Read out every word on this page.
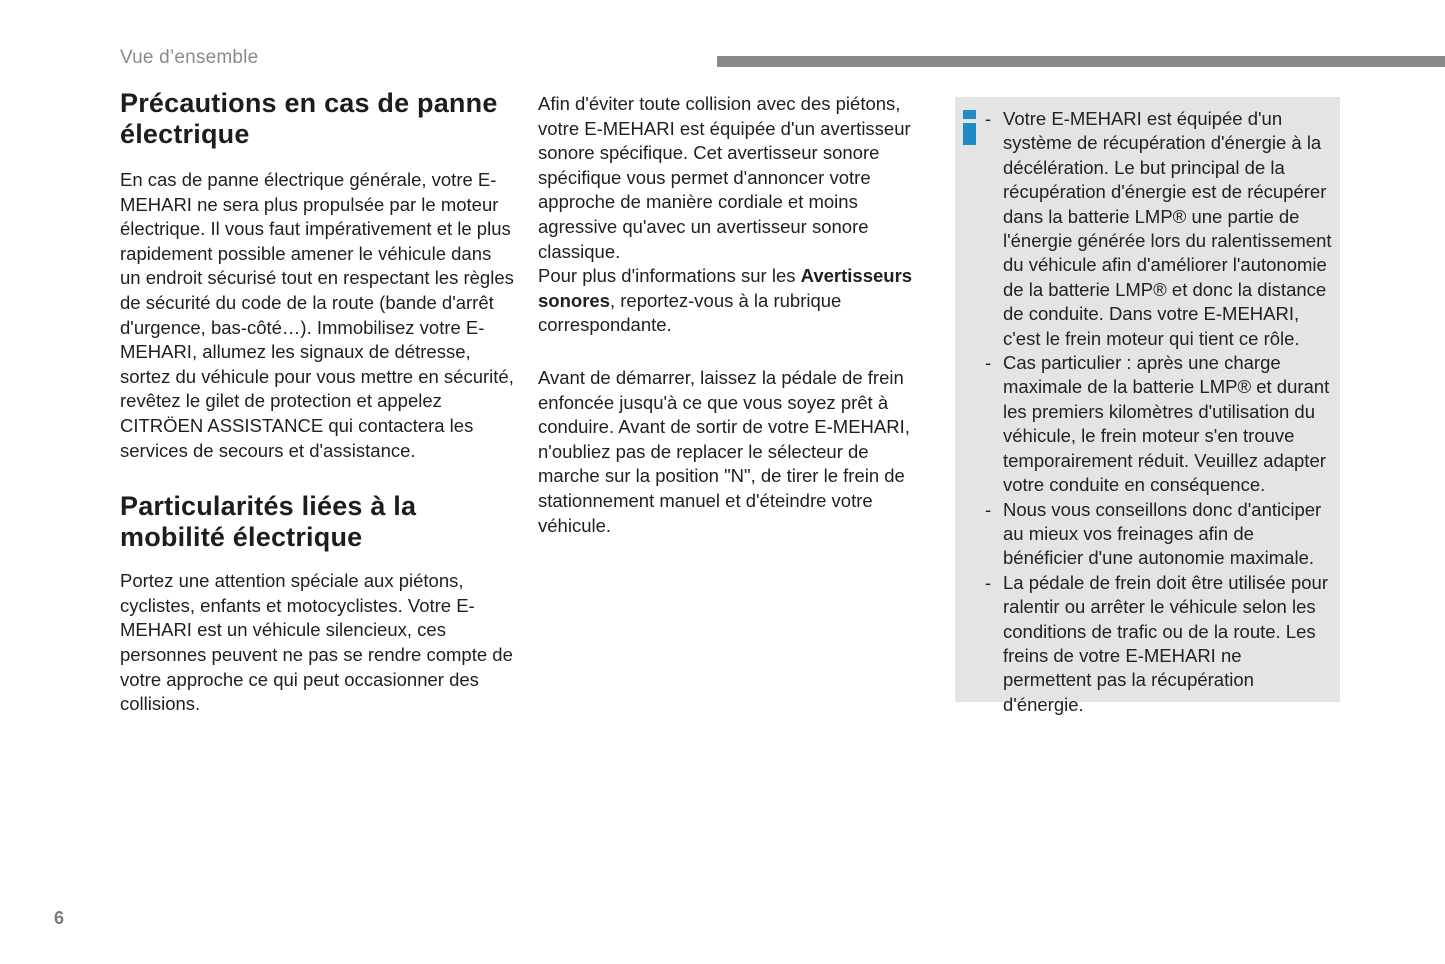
Vue d’ensemble
Précautions en cas de panne électrique

En cas de panne électrique générale, votre E-MEHARI ne sera plus propulsée par le moteur électrique. Il vous faut impérativement et le plus rapidement possible amener le véhicule dans un endroit sécurisé tout en respectant les règles de sécurité du code de la route (bande d'arrêt d'urgence, bas-côté…). Immobilisez votre E-MEHARI, allumez les signaux de détresse, sortez du véhicule pour vous mettre en sécurité, revêtez le gilet de protection et appelez CITRÖEN ASSISTANCE qui contactera les services de secours et d'assistance.

Particularités liées à la mobilité électrique

Portez une attention spéciale aux piétons, cyclistes, enfants et motocyclistes. Votre E-MEHARI est un véhicule silencieux, ces personnes peuvent ne pas se rendre compte de votre approche ce qui peut occasionner des collisions.

Afin d'éviter toute collision avec des piétons, votre E-MEHARI est équipée d'un avertisseur sonore spécifique. Cet avertisseur sonore spécifique vous permet d'annoncer votre approche de manière cordiale et moins agressive qu'avec un avertisseur sonore classique.

Pour plus d'informations sur les Avertisseurs sonores, reportez-vous à la rubrique correspondante.

Avant de démarrer, laissez la pédale de frein enfoncée jusqu'à ce que vous soyez prêt à conduire. Avant de sortir de votre E-MEHARI, n'oubliez pas de replacer le sélecteur de marche sur la position "N", de tirer le frein de stationnement manuel et d'éteindre votre véhicule.

- Votre E-MEHARI est équipée d'un système de récupération d'énergie à la décélération. Le but principal de la récupération d'énergie est de récupérer dans la batterie LMP® une partie de l'énergie générée lors du ralentissement du véhicule afin d'améliorer l'autonomie de la batterie LMP® et donc la distance de conduite. Dans votre E-MEHARI, c'est le frein moteur qui tient ce rôle.
- Cas particulier : après une charge maximale de la batterie LMP® et durant les premiers kilomètres d'utilisation du véhicule, le frein moteur s'en trouve temporairement réduit. Veuillez adapter votre conduite en conséquence.
- Nous vous conseillons donc d'anticiper au mieux vos freinages afin de bénéficier d'une autonomie maximale.
- La pédale de frein doit être utilisée pour ralentir ou arrêter le véhicule selon les conditions de trafic ou de la route. Les freins de votre E-MEHARI ne permettent pas la récupération d'énergie.
6
